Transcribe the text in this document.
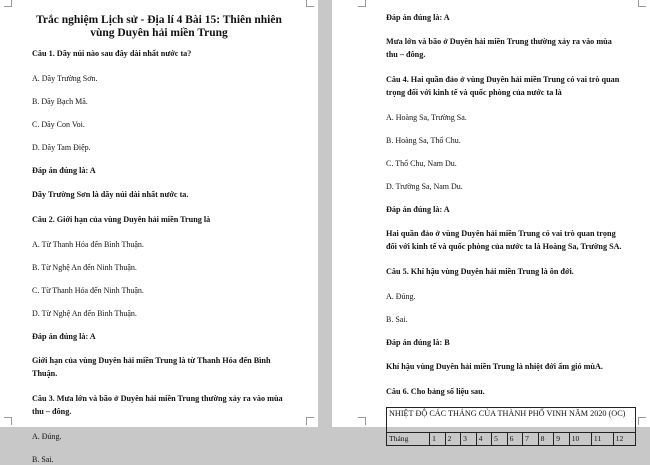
Trắc nghiệm Lịch sử - Địa lí 4 Bài 15: Thiên nhiên vùng Duyên hải miền Trung
Câu 1. Dãy núi nào sau đây dài nhất nước ta?
A. Dãy Trường Sơn.
B. Dãy Bạch Mã.
C. Dãy Con Voi.
D. Dãy Tam Điệp.
Đáp án đúng là: A
Dãy Trường Sơn là dãy núi dài nhất nước ta.
Câu 2. Giới hạn của vùng Duyên hải miền Trung là
A. Từ Thanh Hóa đến Bình Thuận.
B. Từ Nghệ An đến Ninh Thuận.
C. Từ Thanh Hóa đến Ninh Thuận.
D. Từ Nghệ An đến Bình Thuận.
Đáp án đúng là: A
Giới hạn của vùng Duyên hải miền Trung là từ Thanh Hóa đến Bình Thuận.
Câu 3. Mưa lớn và bão ở Duyên hải miền Trung thường xảy ra vào mùa thu – đông.
A. Đúng.
B. Sai.
Đáp án đúng là: A
Mưa lớn và bão ở Duyên hải miền Trung thường xảy ra vào mùa thu – đông.
Câu 4. Hai quần đảo ở vùng Duyên hải miền Trung có vai trò quan trọng đối với kinh tế và quốc phòng của nước ta là
A. Hoàng Sa, Trường Sa.
B. Hoàng Sa, Thổ Chu.
C. Thổ Chu, Nam Du.
D. Trường Sa, Nam Du.
Đáp án đúng là: A
Hai quần đảo ở vùng Duyên hải miền Trung có vai trò quan trọng đối với kinh tế và quốc phòng của nước ta là Hoàng Sa, Trường SA.
Câu 5. Khí hậu vùng Duyên hải miền Trung là ôn đới.
A. Đúng.
B. Sai.
Đáp án đúng là: B
Khí hậu vùng Duyên hải miền Trung là nhiệt đới ẩm gió mùA.
Câu 6. Cho bảng số liệu sau.
NHIỆT ĐỘ CÁC THÁNG CỦA THÀNH PHỐ VINH NĂM 2020 (OC)
Tháng	1	2	3	4	5	6	7	8	9	10	11	12
